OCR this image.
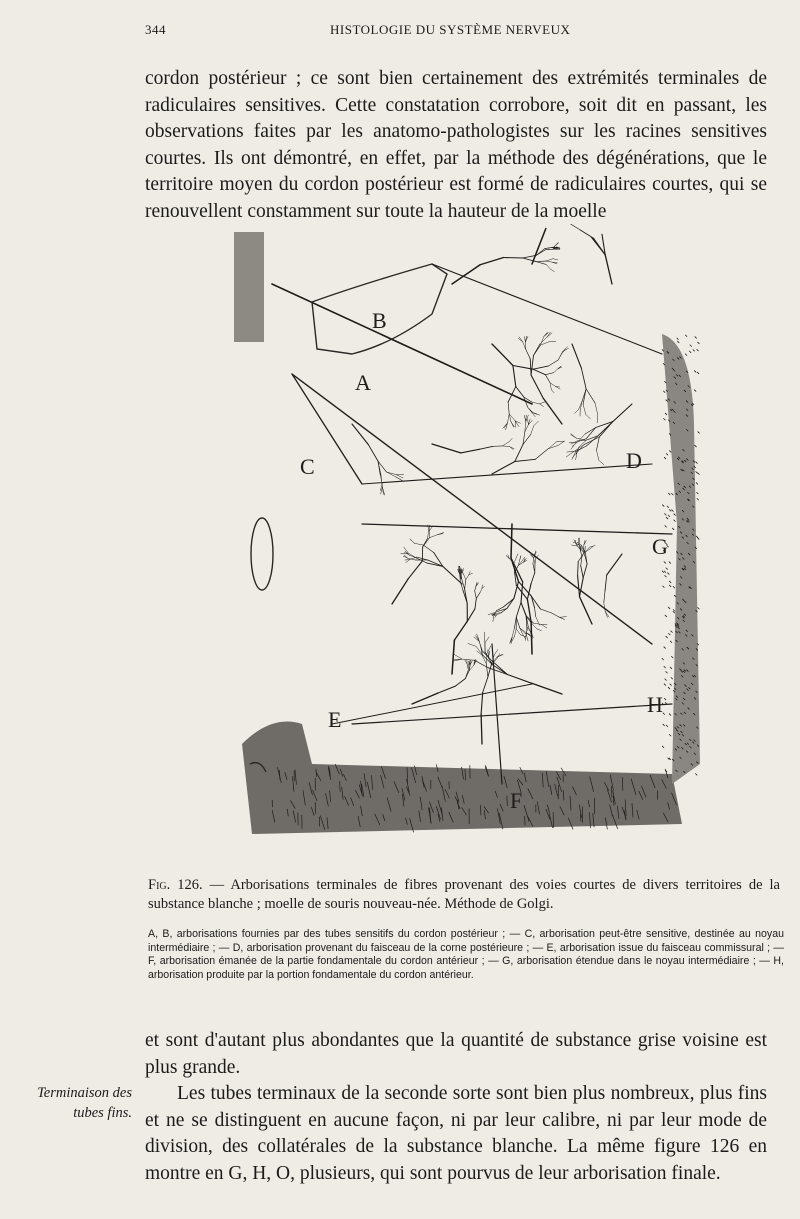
344	HISTOLOGIE DU SYSTÈME NERVEUX

cordon postérieur ; ce sont bien certainement des extrémités terminales de radiculaires sensitives. Cette constatation corrobore, soit dit en passant, les observations faites par les anatomo-pathologistes sur les racines sensitives courtes. Ils ont démontré, en effet, par la méthode des dégénérations, que le territoire moyen du cordon postérieur est formé de radiculaires courtes, qui se renouvellent constamment sur toute la hauteur de la moelle

B
A
C	D
G
E
H
F

Fig. 126. — Arborisations terminales de fibres provenant des voies courtes de divers territoires de la substance blanche ; moelle de souris nouveau-née. Méthode de Golgi.

A, B, arborisations fournies par des tubes sensitifs du cordon postérieur ; — C, arborisation peut-être sensitive, destinée au noyau intermédiaire ; — D, arborisation provenant du faisceau de la corne postérieure ; — E, arborisation issue du faisceau commissural ; — F, arborisation émanée de la partie fondamentale du cordon antérieur ; — G, arborisation étendue dans le noyau intermédiaire ; — H, arborisation produite par la portion fondamentale du cordon antérieur.

et sont d'autant plus abondantes que la quantité de substance grise voisine est plus grande.

Les tubes terminaux de la seconde sorte sont bien plus nombreux, plus fins et ne se distinguent en aucune façon, ni par leur calibre, ni par leur mode de division, des collatérales de la substance blanche. La même figure 126 en montre en G, H, O, plusieurs, qui sont pourvus de leur arborisation finale.

Terminaison des tubes fins.
